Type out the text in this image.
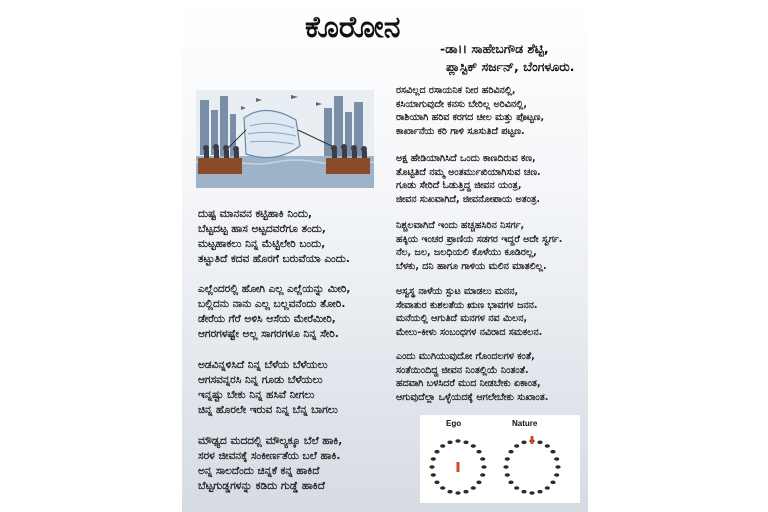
ಕೊರೋನ
-ಡಾ।। ಸಾಹೇಬಗೌಡ ಶೆಟ್ಟಿ,
ಪ್ಲಾಸ್ಟಿಕ್ ಸರ್ಜನ್, ಬೆಂಗಳೂರು.
ದುಷ್ಟ ಮಾನವನ ಕಟ್ಟಿಹಾಕಿ ನಿಂದು,
ಬೆಟ್ಟದಟ್ಟ ಹಾಸ ಅಟ್ಟದವರೆಗೂ ತಂದು,
ಮಟ್ಟಹಾಕಲು ನಿನ್ನ ಮೆಟ್ಟಿಲೇರಿ ಬಂದು,
ತಟ್ಟುತಿದೆ ಕದವ ಹೊರಗೆ ಬರುವೆಯಾ ಎಂದು.
ಎಲ್ಲೆಂದರಲ್ಲಿ ಹೋಗಿ ಎಲ್ಲ ಎಲ್ಲೆಯನ್ನು ಮೀರಿ,
ಬಲ್ಲಿದನು ನಾನು ಎಲ್ಲ ಬಲ್ಲವನೆಂದು ತೋರಿ.
ಡೇರೆಯ ಗೆರೆ ಅಳಿಸಿ ಆಸೆಯ ಮೇರೆಮೀರಿ,
ಆಗರಗಳಷ್ಟೇ ಅಲ್ಲ ಸಾಗರಗಳೂ ನಿನ್ನ ಸೇರಿ.
ಅಡವಿನ್ನಳಿಸಿದೆ ನಿನ್ನ ಬೆಳೆಯ ಬೆಳೆಯಲು
ಆಗಸವನ್ನರಸಿ ನಿನ್ನ ಗೂಡು ಬೆಳೆಯಲು
ಇನ್ನಷ್ಟು ಬೇಕು ನಿನ್ನ ಹಸಿವೆ ನೀಗಲು
ಚಿನ್ನ ಹೊರಲೇ ಇರುವ ನಿನ್ನ ಬೆನ್ನ ಬಾಗಲು
ಮೌಢ್ಯದ ಮದದಲ್ಲಿ ಮೌಲ್ಯಕ್ಕೂ ಬೆಲೆ ಹಾಕಿ,
ಸರಳ ಜೀವನಕ್ಕೆ ಸಂಕೀರ್ಣತೆಯ ಬಲೆ ಹಾಕಿ.
ಅನ್ನ ಸಾಲದೆಂದು ಚಿನ್ನಕೆ ಕನ್ನ ಹಾಕಿದೆ
ಬೆಟ್ಟಗುಡ್ಡಗಳನ್ನು ಕಡಿದು ಗುಡ್ಡೆ ಹಾಕಿದೆ
ರಸವಿಲ್ಲದ ರಸಾಯನಿಕ ನೀರ ಹರಿವಿನಲ್ಲಿ,
ಕಸಿಯಾಗುವುದೇ ಕನಸು ಬೇರಿಲ್ಲ ಅರಿವಿನಲ್ಲಿ,
ರಾಶಿಯಾಗಿ ಹರಿವ ಕರಗದ ಚೀಲ ಮತ್ತು ಪೊಟ್ಟಣ,
ಕಾರ್ಖಾನೆಯ ಕರಿ ಗಾಳಿ ಸೂಸುತಿದೆ ಪಟ್ಟಣ.
ಅಕ್ಷ ಹೇಡಿಯಾಗಿಸಿದೆ ಒಂದು ಕಾಣದಿರುವ ಕಣ,
ತೊಟ್ಟಿತಿದೆ ನಮ್ಮ ಅಂತರ್ಮುಖಿಯಾಗಿಸುವ ಚಣ.
ಗೂಡು ಸೇರಿದೆ ಓಡುತ್ತಿದ್ದ ಜೀವನ ಯಂತ್ರ,
ಜೀವನ ಸುಖವಾಗಿದೆ, ಜೀವನೋಪಾಯ ಅತಂತ್ರ.
ನಿಶ್ಚಲವಾಗಿದೆ ಇಂದು ಹಚ್ಚಹಸಿರಿನ ನಿಸರ್ಗ,
ಹಕ್ಕಿಯ ಇಂಚರ ಪ್ರಾಣಿಯ ಸಡಗರ ಇದ್ದರೆ ಅದೇ ಸ್ವರ್ಗ.
ನೆಲ, ಜಲ, ಜಲಧಿಯಲಿ ಕೊಳೆಯು ಕೂಡಿರಲ್ಲ,
ಬೆಳಕು, ದನಿ ಹಾಗೂ ಗಾಳಿಯ ಮಲಿನ ಮಾತಲಿಲ್ಲ.
ಅಸ್ವಸ್ಥ ನಾಳೆಯ ಸ್ಪುಟ ಮಾಡಲು ಮನನ,
ಸೇವಾತುರ ಕುಶಲತೆಯ ಋಣ ಭಾವಗಳ ಜನನ.
ಮನೆಯಲ್ಲಿ ಆಗುತಿದೆ ಮನಗಳ ನವ ಮಿಲನ,
ಮೇಲು-ಕೀಳು ಸಂಬಂಧಗಳ ನವಿರಾದ ಸಮಕಲನ.
ಎಂದು ಮುಗಿಯುವುದೋ ಗೊಂದಲಗಳ ಕಂತೆ,
ಸಂತೆಯಿಂದಿದ್ದ ಜೀವನ ನಿಂತಲ್ಲಿಯೆ ನಿಂತಂತೆ.
ಹದವಾಗಿ ಬಳಸಿದರೆ ಮುದ ನೀಡಬೇಕು ಏಕಾಂತ,
ಆಗುವುದೆಲ್ಲಾ ಒಳ್ಳೆಯದಕ್ಕೆ ಆಗಲೇಬೇಕು ಸುಖಾಂತ.
Ego	Nature
